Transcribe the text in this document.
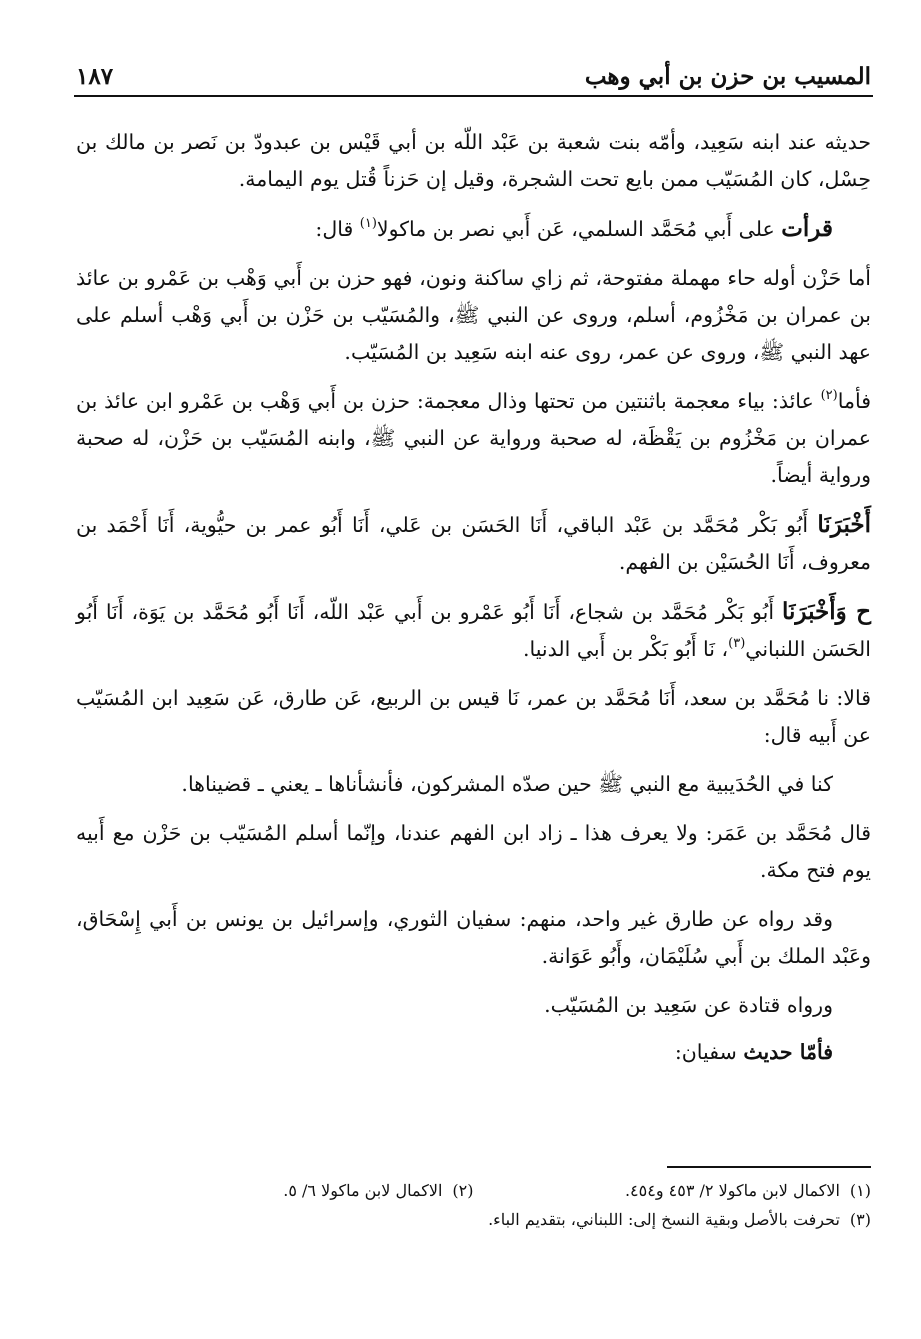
المسيب بن حزن بن أبي وهب
١٨٧

حديثه عند ابنه سَعِيد، وأمّه بنت شعبة بن عَبْد اللّه بن أبي قَيْس بن عبدودّ بن نَصر بن مالك بن حِسْل، كان المُسَيّب ممن بايع تحت الشجرة، وقيل إن حَزناً قُتل يوم اليمامة.

قرأت على أَبي مُحَمَّد السلمي، عَن أَبي نصر بن ماكولا$^{(١)}$ قال:

أما حَزْن أوله حاء مهملة مفتوحة، ثم زاي ساكنة ونون، فهو حزن بن أَبي وَهْب بن عَمْرو بن عائذ بن عمران بن مَخْزُوم، أسلم، وروى عن النبي ﷺ، والمُسَيّب بن حَزْن بن أَبي وَهْب أسلم على عهد النبي ﷺ، وروى عن عمر، روى عنه ابنه سَعِيد بن المُسَيّب.

فأما$^{(٢)}$ عائذ: بياء معجمة باثنتين من تحتها وذال معجمة: حزن بن أَبي وَهْب بن عَمْرو ابن عائذ بن عمران بن مَخْزُوم بن يَقْظَة، له صحبة ورواية عن النبي ﷺ، وابنه المُسَيّب بن حَزْن، له صحبة ورواية أيضاً.

أَخْبَرَنَا أَبُو بَكْر مُحَمَّد بن عَبْد الباقي، أَنَا الحَسَن بن عَلي، أَنَا أَبُو عمر بن حيُّوية، أَنَا أَحْمَد بن معروف، أَنَا الحُسَيْن بن الفهم.

ح وَأَخْبَرَنَا أَبُو بَكْر مُحَمَّد بن شجاع، أَنَا أَبُو عَمْرو بن أَبي عَبْد اللّه، أَنَا أَبُو مُحَمَّد بن يَوَة، أَنَا أَبُو الحَسَن اللنباني$^{(٣)}$، نَا أَبُو بَكْر بن أَبي الدنيا.

قالا: نا مُحَمَّد بن سعد، أَنَا مُحَمَّد بن عمر، نَا قيس بن الربيع، عَن طارق، عَن سَعِيد ابن المُسَيّب عن أَبيه قال:

كنا في الحُدَيبية مع النبي ﷺ حين صدّه المشركون، فأنشأناها ـ يعني ـ قضيناها.

قال مُحَمَّد بن عَمَر: ولا يعرف هذا ـ زاد ابن الفهم عندنا، وإنّما أسلم المُسَيّب بن حَزْن مع أَبيه يوم فتح مكة.

وقد رواه عن طارق غير واحد، منهم: سفيان الثوري، وإسرائيل بن يونس بن أَبي إِسْحَاق، وعَبْد الملك بن أَبي سُلَيْمَان، وأَبُو عَوَانة.

ورواه قتادة عن سَعِيد بن المُسَيّب.

فأمّا حديث سفيان:

(١)الاكمال لابن ماكولا ٢/ ٤٥٣ و٤٥٤.
(٢)الاكمال لابن ماكولا ٦/ ٥.
(٣)تحرفت بالأصل وبقية النسخ إلى: اللبناني، بتقديم الباء.
